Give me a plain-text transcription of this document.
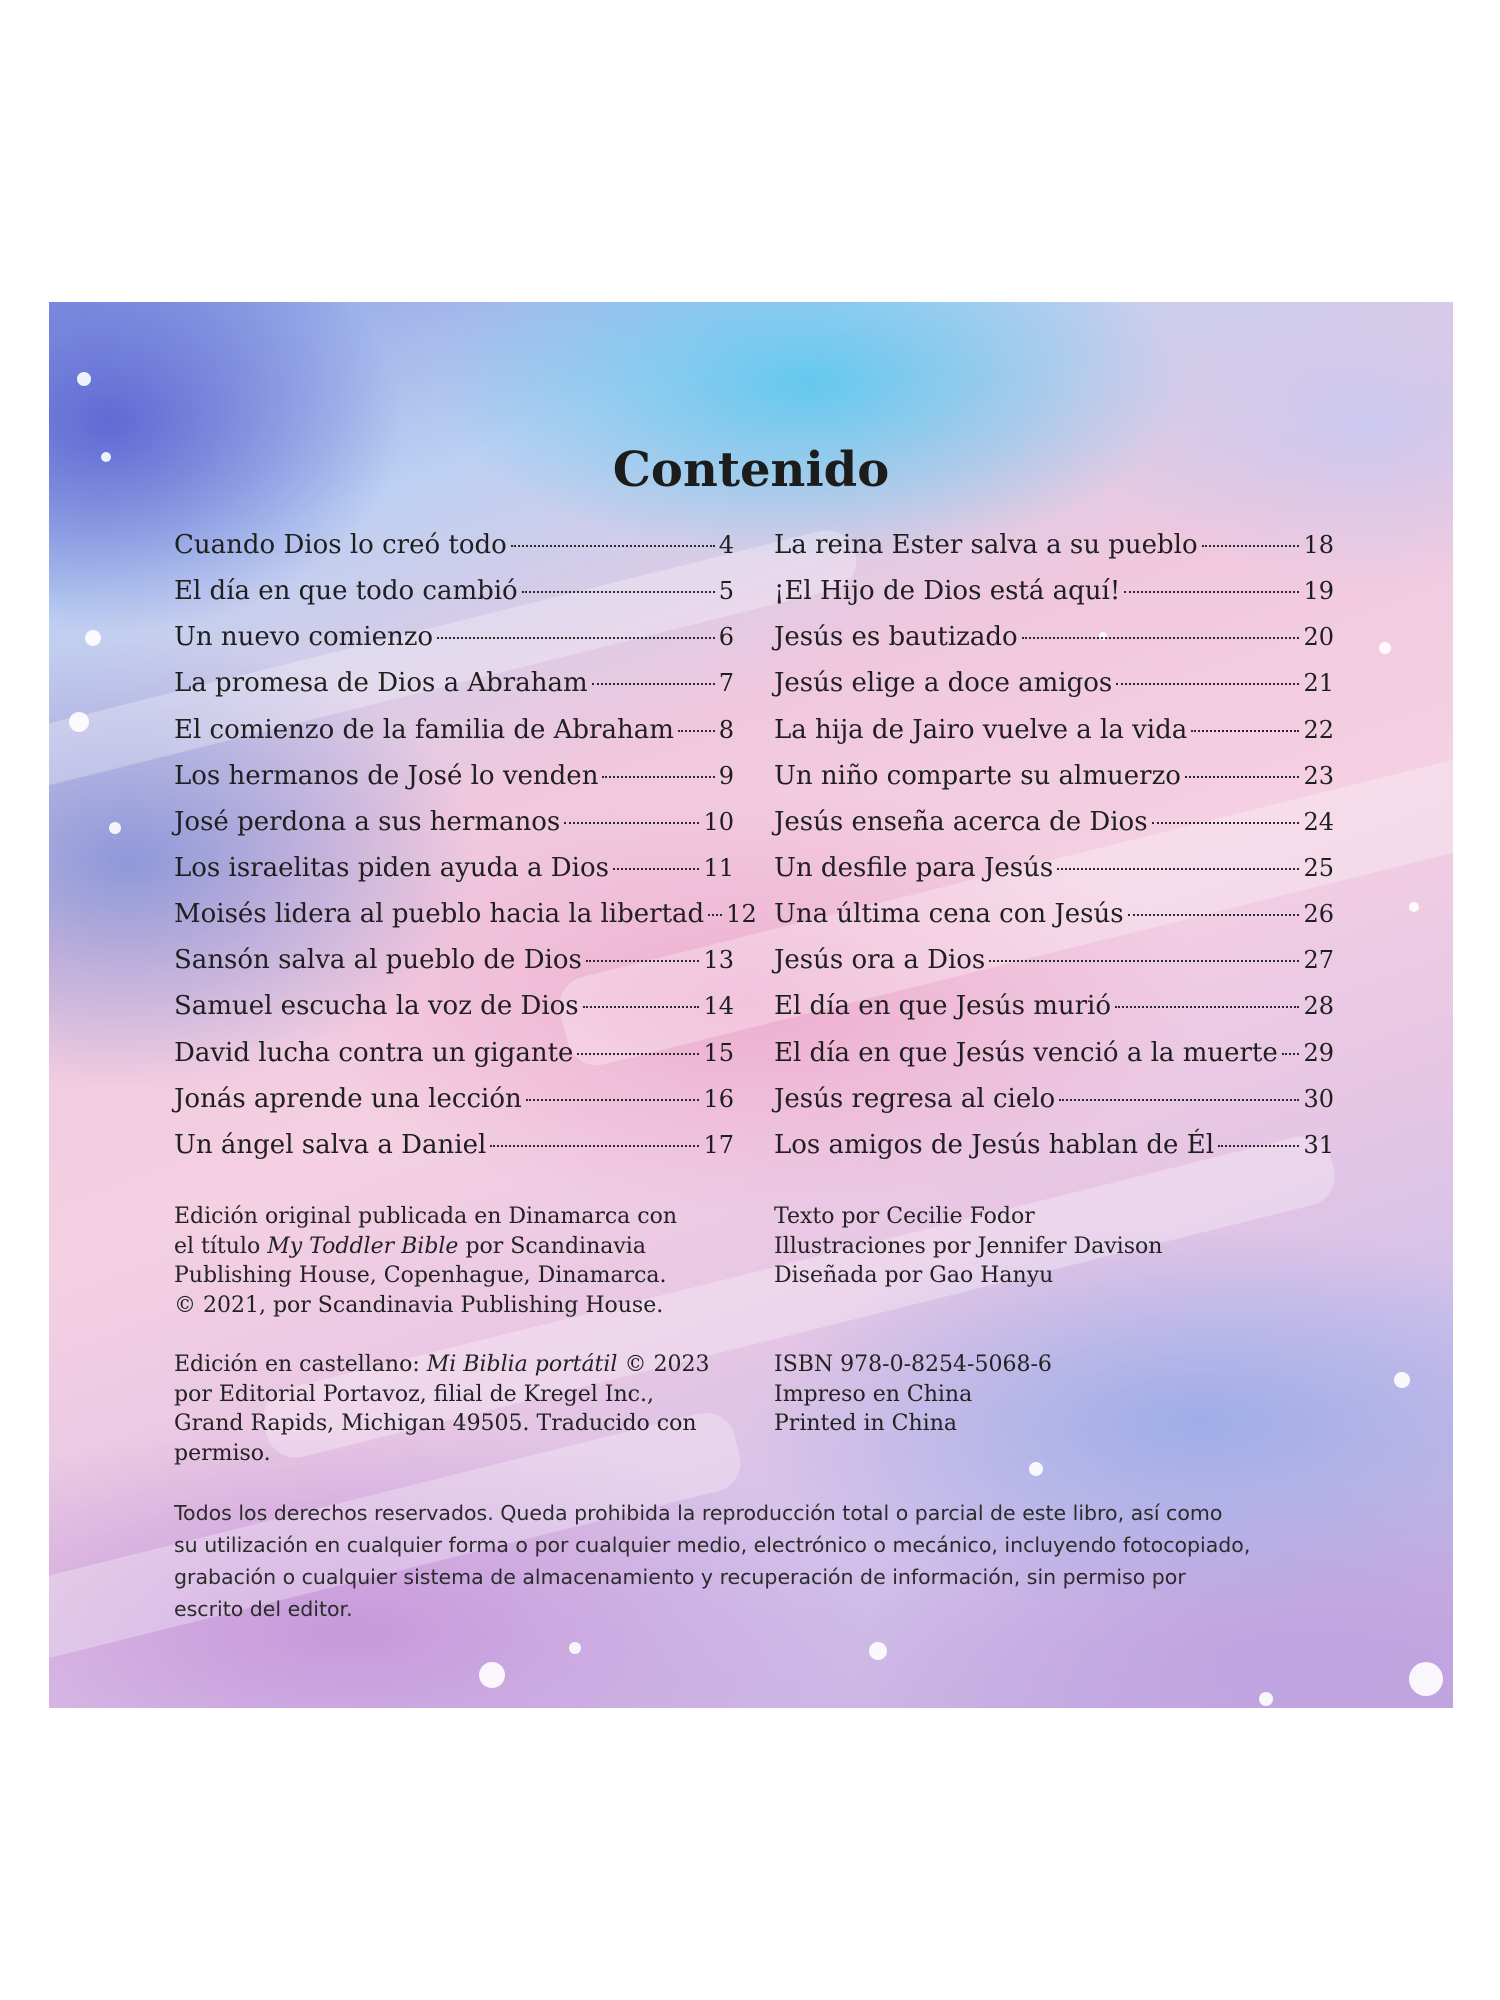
Contenido
Cuando Dios lo creó todo	4
El día en que todo cambió	5
Un nuevo comienzo	6
La promesa de Dios a Abraham	7
El comienzo de la familia de Abraham 8
Los hermanos de José lo venden	9
José perdona a sus hermanos	10
Los israelitas piden ayuda a Dios	11
Moisés lidera al pueblo hacia la libertad 12
Sansón salva al pueblo de Dios	13
Samuel escucha la voz de Dios	14
David lucha contra un gigante	15
Jonás aprende una lección	16
Un ángel salva a Daniel	17
La reina Ester salva a su pueblo	18
¡El Hijo de Dios está aquí!	19
Jesús es bautizado	20
Jesús elige a doce amigos	21
La hija de Jairo vuelve a la vida	22
Un niño comparte su almuerzo	23
Jesús enseña acerca de Dios	24
Un desfile para Jesús	25
Una última cena con Jesús	26
Jesús ora a Dios	27
El día en que Jesús murió	28
El día en que Jesús venció a la muerte 29
Jesús regresa al cielo	30
Los amigos de Jesús hablan de Él	31
Edición original publicada en Dinamarca con
el título My Toddler Bible por Scandinavia
Publishing House, Copenhague, Dinamarca.
© 2021, por Scandinavia Publishing House.
Texto por Cecilie Fodor
Illustraciones por Jennifer Davison
Diseñada por Gao Hanyu
Edición en castellano: Mi Biblia portátil © 2023
por Editorial Portavoz, filial de Kregel Inc.,
Grand Rapids, Michigan 49505. Traducido con
permiso.
ISBN 978-0-8254-5068-6
Impreso en China
Printed in China
Todos los derechos reservados. Queda prohibida la reproducción total o parcial de este libro, así como
su utilización en cualquier forma o por cualquier medio, electrónico o mecánico, incluyendo fotocopiado,
grabación o cualquier sistema de almacenamiento y recuperación de información, sin permiso por
escrito del editor.
